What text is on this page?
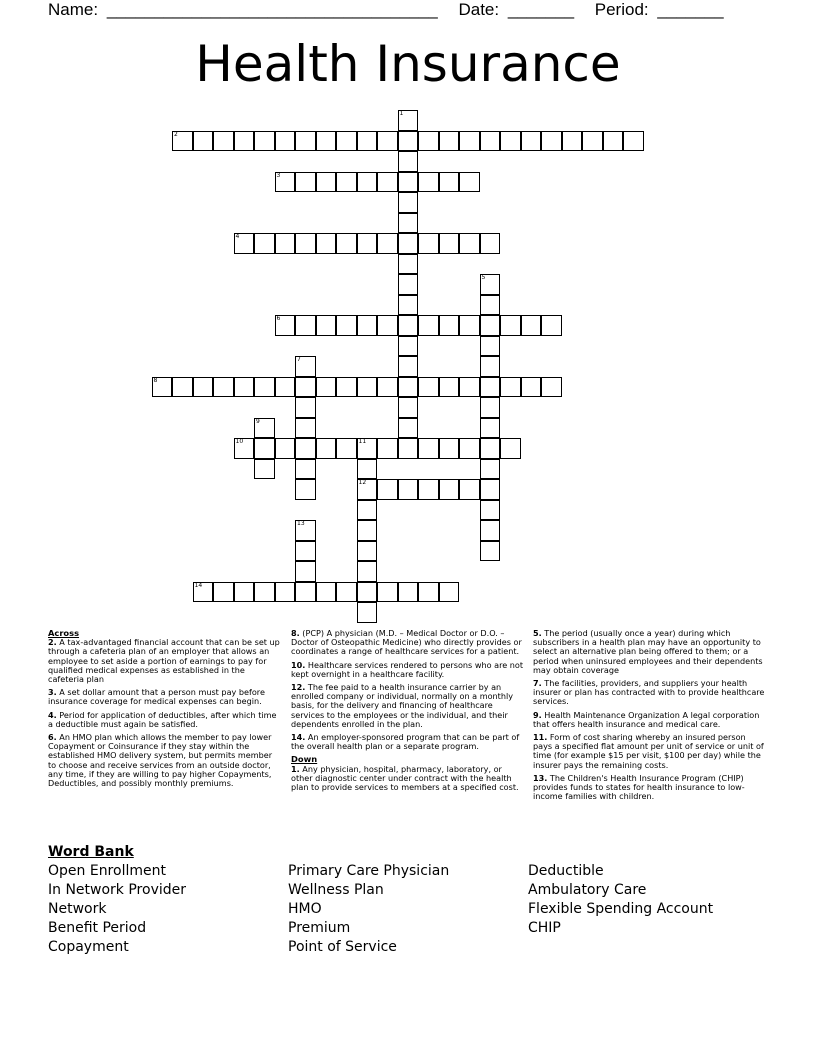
Name: ___________________________________ Date: _______ Period: _______
Health Insurance
1
2
3
4
5
6
7
8
9
10	11
12
13
14
Across
2. A tax-advantaged financial account that can be set up through a cafeteria plan of an employer that allows an employee to set aside a portion of earnings to pay for qualified medical expenses as established in the cafeteria plan
3. A set dollar amount that a person must pay before insurance coverage for medical expenses can begin.
4. Period for application of deductibles, after which time a deductible must again be satisfied.
6. An HMO plan which allows the member to pay lower Copayment or Coinsurance if they stay within the established HMO delivery system, but permits member to choose and receive services from an outside doctor, any time, if they are willing to pay higher Copayments, Deductibles, and possibly monthly premiums.
8. (PCP) A physician (M.D. – Medical Doctor or D.O. – Doctor of Osteopathic Medicine) who directly provides or coordinates a range of healthcare services for a patient.
10. Healthcare services rendered to persons who are not kept overnight in a healthcare facility.
12. The fee paid to a health insurance carrier by an enrolled company or individual, normally on a monthly basis, for the delivery and financing of healthcare services to the employees or the individual, and their dependents enrolled in the plan.
14. An employer-sponsored program that can be part of the overall health plan or a separate program.
Down
1. Any physician, hospital, pharmacy, laboratory, or other diagnostic center under contract with the health plan to provide services to members at a specified cost.
5. The period (usually once a year) during which subscribers in a health plan may have an opportunity to select an alternative plan being offered to them; or a period when uninsured employees and their dependents may obtain coverage
7. The facilities, providers, and suppliers your health insurer or plan has contracted with to provide healthcare services.
9. Health Maintenance Organization A legal corporation that offers health insurance and medical care.
11. Form of cost sharing whereby an insured person pays a specified flat amount per unit of service or unit of time (for example $15 per visit, $100 per day) while the insurer pays the remaining costs.
13. The Children's Health Insurance Program (CHIP) provides funds to states for health insurance to low-income families with children.
Word Bank
Open Enrollment
In Network Provider
Network
Benefit Period
Copayment
Primary Care Physician
Wellness Plan
HMO
Premium
Point of Service
Deductible
Ambulatory Care
Flexible Spending Account
CHIP
